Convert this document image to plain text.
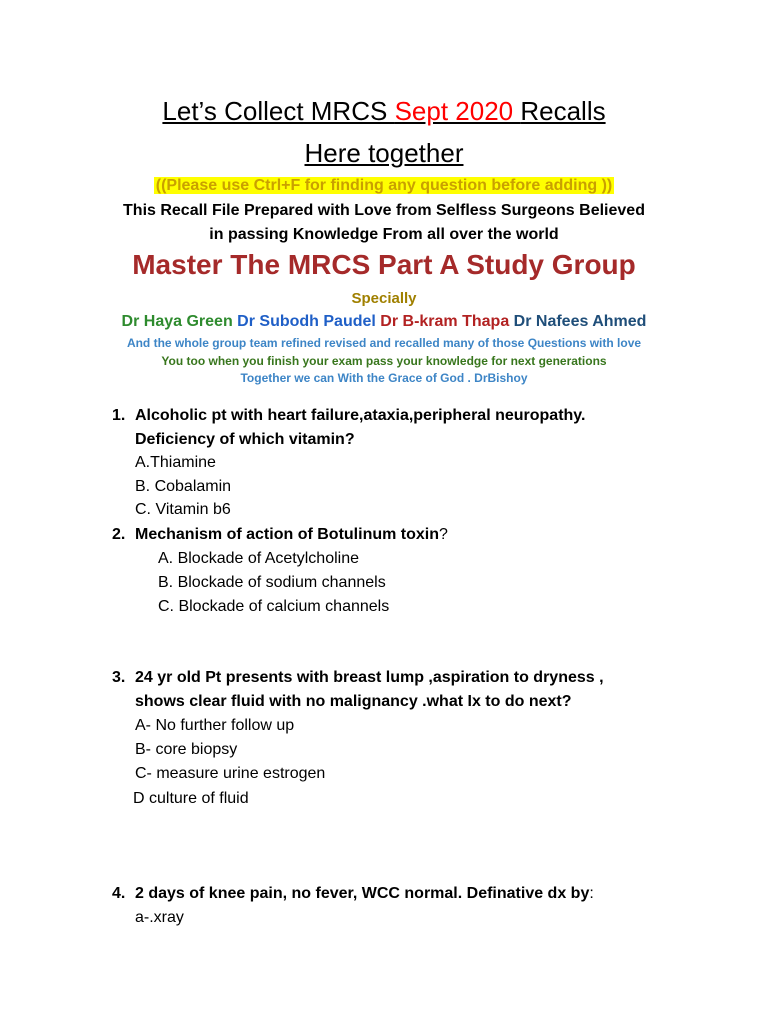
Let’s Collect MRCS Sept 2020 Recalls
Here together
((Please use Ctrl+F for finding any question before adding ))
This Recall File Prepared with Love from Selfless Surgeons Believed
in passing Knowledge From all over the world
Master The MRCS Part A Study Group
Specially
Dr Haya Green Dr Subodh Paudel Dr B-kram Thapa Dr Nafees Ahmed
And the whole group team refined revised and recalled many of those Questions with love
You too when you finish your exam pass your knowledge for next generations
Together we can With the Grace of God . DrBishoy
1. Alcoholic pt with heart failure,ataxia,peripheral neuropathy.
Deficiency of which vitamin?
A.Thiamine
B. Cobalamin
C. Vitamin b6
2. Mechanism of action of Botulinum toxin?
A. Blockade of Acetylcholine
B. Blockade of sodium channels
C. Blockade of calcium channels
3. 24 yr old Pt presents with breast lump ,aspiration to dryness ,
shows clear fluid with no malignancy .what Ix to do next?
A- No further follow up
B- core biopsy
C- measure urine estrogen
D culture of fluid
4. 2 days of knee pain, no fever, WCC normal. Definative dx by:
a-.xray
